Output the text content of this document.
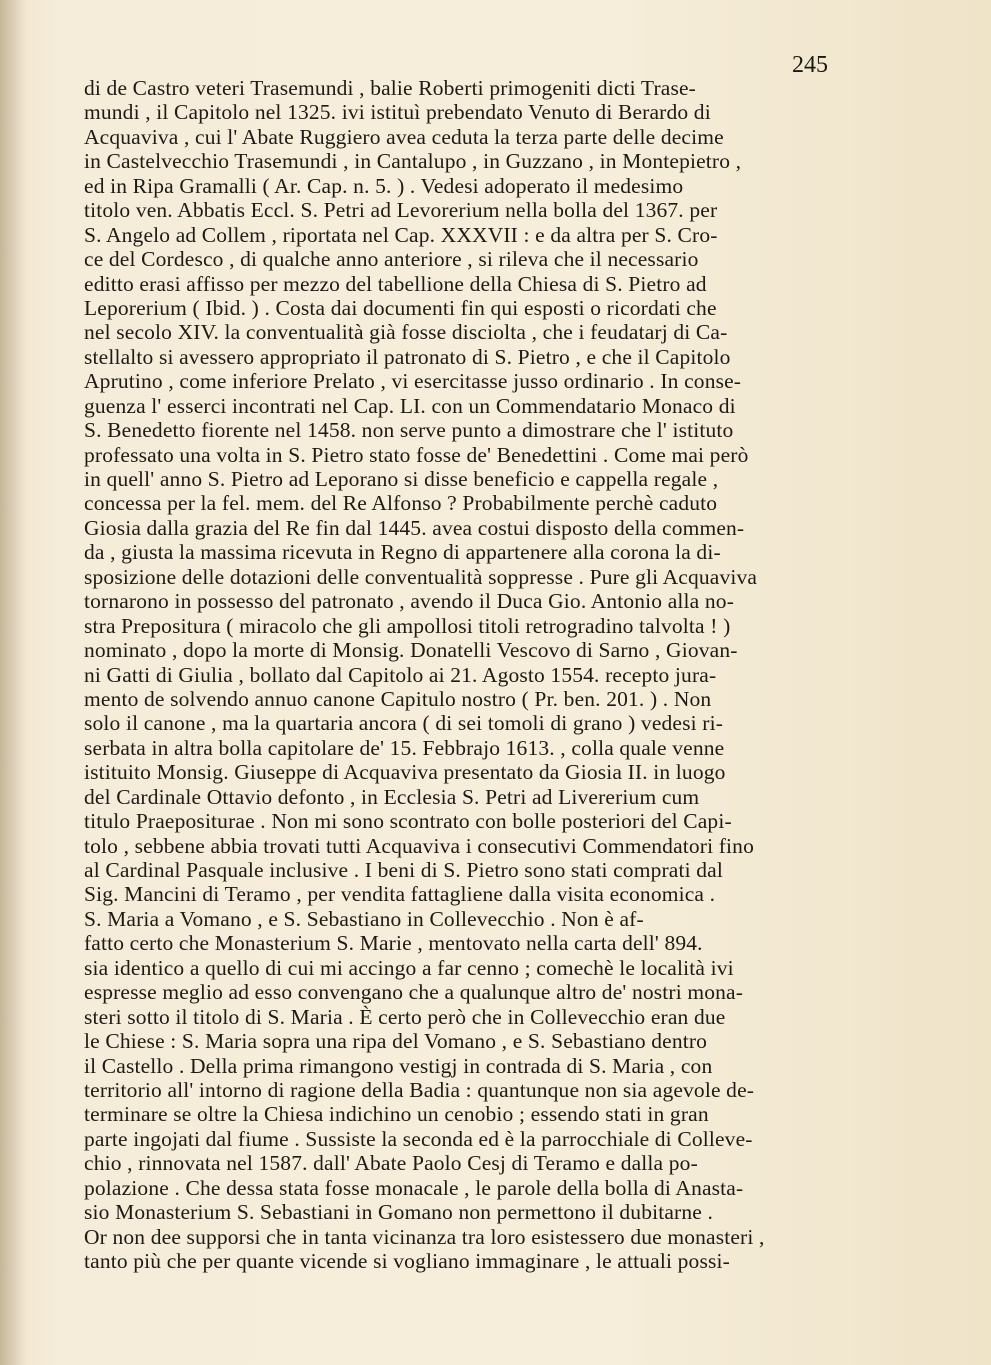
245
di de Castro veteri Trasemundi , balie Roberti primogeniti dicti Trase-
mundi , il Capitolo nel 1325. ivi istituì prebendato Venuto di Berardo di
Acquaviva , cui l' Abate Ruggiero avea ceduta la terza parte delle decime
in Castelvecchio Trasemundi , in Cantalupo , in Guzzano , in Montepietro ,
ed in Ripa Gramalli ( Ar. Cap. n. 5. ) . Vedesi adoperato il medesimo
titolo ven. Abbatis Eccl. S. Petri ad Levorerium nella bolla del 1367. per
S. Angelo ad Collem , riportata nel Cap. XXXVII : e da altra per S. Cro-
ce del Cordesco , di qualche anno anteriore , si rileva che il necessario
editto erasi affisso per mezzo del tabellione della Chiesa di S. Pietro ad
Leporerium ( Ibid. ) . Costa dai documenti fin qui esposti o ricordati che
nel secolo XIV. la conventualità già fosse disciolta , che i feudatarj di Ca-
stellalto si avessero appropriato il patronato di S. Pietro , e che il Capitolo
Aprutino , come inferiore Prelato , vi esercitasse jusso ordinario . In conse-
guenza l' esserci incontrati nel Cap. LI. con un Commendatario Monaco di
S. Benedetto fiorente nel 1458. non serve punto a dimostrare che l' istituto
professato una volta in S. Pietro stato fosse de' Benedettini . Come mai però
in quell' anno S. Pietro ad Leporano si disse beneficio e cappella regale ,
concessa per la fel. mem. del Re Alfonso ? Probabilmente perchè caduto
Giosia dalla grazia del Re fin dal 1445. avea costui disposto della commen-
da , giusta la massima ricevuta in Regno di appartenere alla corona la di-
sposizione delle dotazioni delle conventualità soppresse . Pure gli Acquaviva
tornarono in possesso del patronato , avendo il Duca Gio. Antonio alla no-
stra Prepositura ( miracolo che gli ampollosi titoli retrogradino talvolta ! )
nominato , dopo la morte di Monsig. Donatelli Vescovo di Sarno , Giovan-
ni Gatti di Giulia , bollato dal Capitolo ai 21. Agosto 1554. recepto jura-
mento de solvendo annuo canone Capitulo nostro ( Pr. ben. 201. ) . Non
solo il canone , ma la quartaria ancora ( di sei tomoli di grano ) vedesi ri-
serbata in altra bolla capitolare de' 15. Febbrajo 1613. , colla quale venne
istituito Monsig. Giuseppe di Acquaviva presentato da Giosia II. in luogo
del Cardinale Ottavio defonto , in Ecclesia S. Petri ad Livererium cum
titulo Praepositurae . Non mi sono scontrato con bolle posteriori del Capi-
tolo , sebbene abbia trovati tutti Acquaviva i consecutivi Commendatori fino
al Cardinal Pasquale inclusive . I beni di S. Pietro sono stati comprati dal
Sig. Mancini di Teramo , per vendita fattagliene dalla visita economica .
S. Maria a Vomano , e S. Sebastiano in Collevecchio . Non è af-
fatto certo che Monasterium S. Marie , mentovato nella carta dell' 894.
sia identico a quello di cui mi accingo a far cenno ; comechè le località ivi
espresse meglio ad esso convengano che a qualunque altro de' nostri mona-
steri sotto il titolo di S. Maria . È certo però che in Collevecchio eran due
le Chiese : S. Maria sopra una ripa del Vomano , e S. Sebastiano dentro
il Castello . Della prima rimangono vestigj in contrada di S. Maria , con
territorio all' intorno di ragione della Badia : quantunque non sia agevole de-
terminare se oltre la Chiesa indichino un cenobio ; essendo stati in gran
parte ingojati dal fiume . Sussiste la seconda ed è la parrocchiale di Colleve-
chio , rinnovata nel 1587. dall' Abate Paolo Cesj di Teramo e dalla po-
polazione . Che dessa stata fosse monacale , le parole della bolla di Anasta-
sio Monasterium S. Sebastiani in Gomano non permettono il dubitarne .
Or non dee supporsi che in tanta vicinanza tra loro esistessero due monasteri ,
tanto più che per quante vicende si vogliano immaginare , le attuali possi-
